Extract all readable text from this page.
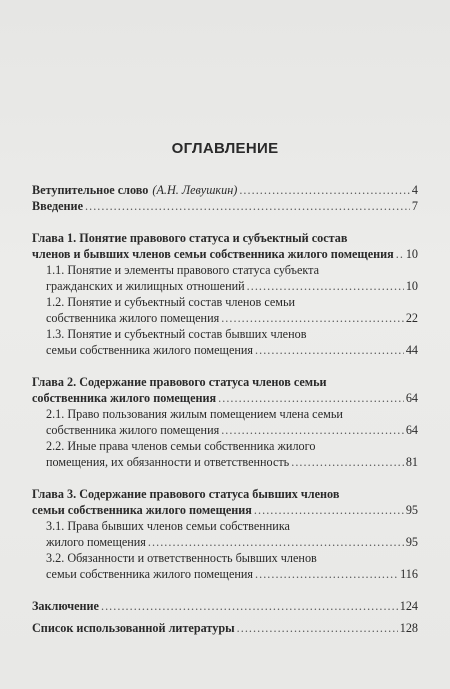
ОГЛАВЛЕНИЕ
Ветупительное слово (А.Н. Левушкин) . . .	4
Введение . . .	7
Глава 1. Понятие правового статуса и субъектный состав
членов и бывших членов семьи собственника жилого помещения . . . 10
1.1. Понятие и элементы правового статуса субъекта
гражданских и жилищных отношений . . .	10
1.2. Понятие и субъектный состав членов семьи
собственника жилого помещения . . .	22
1.3. Понятие и субъектный состав бывших членов
семьи собственника жилого помещения . . .	44
Глава 2. Содержание правового статуса членов семьи
собственника жилого помещения . . .	64
2.1. Право пользования жилым помещением члена семьи
собственника жилого помещения . . .	64
2.2. Иные права членов семьи собственника жилого
помещения, их обязанности и ответственность . . .	81
Глава 3. Содержание правового статуса бывших членов
семьи собственника жилого помещения . . .	95
3.1. Права бывших членов семьи собственника
жилого помещения . . .	95
3.2. Обязанности и ответственность бывших членов
семьи собственника жилого помещения . . .	116
Заключение . . .	124
Список использованной литературы . . .	128
